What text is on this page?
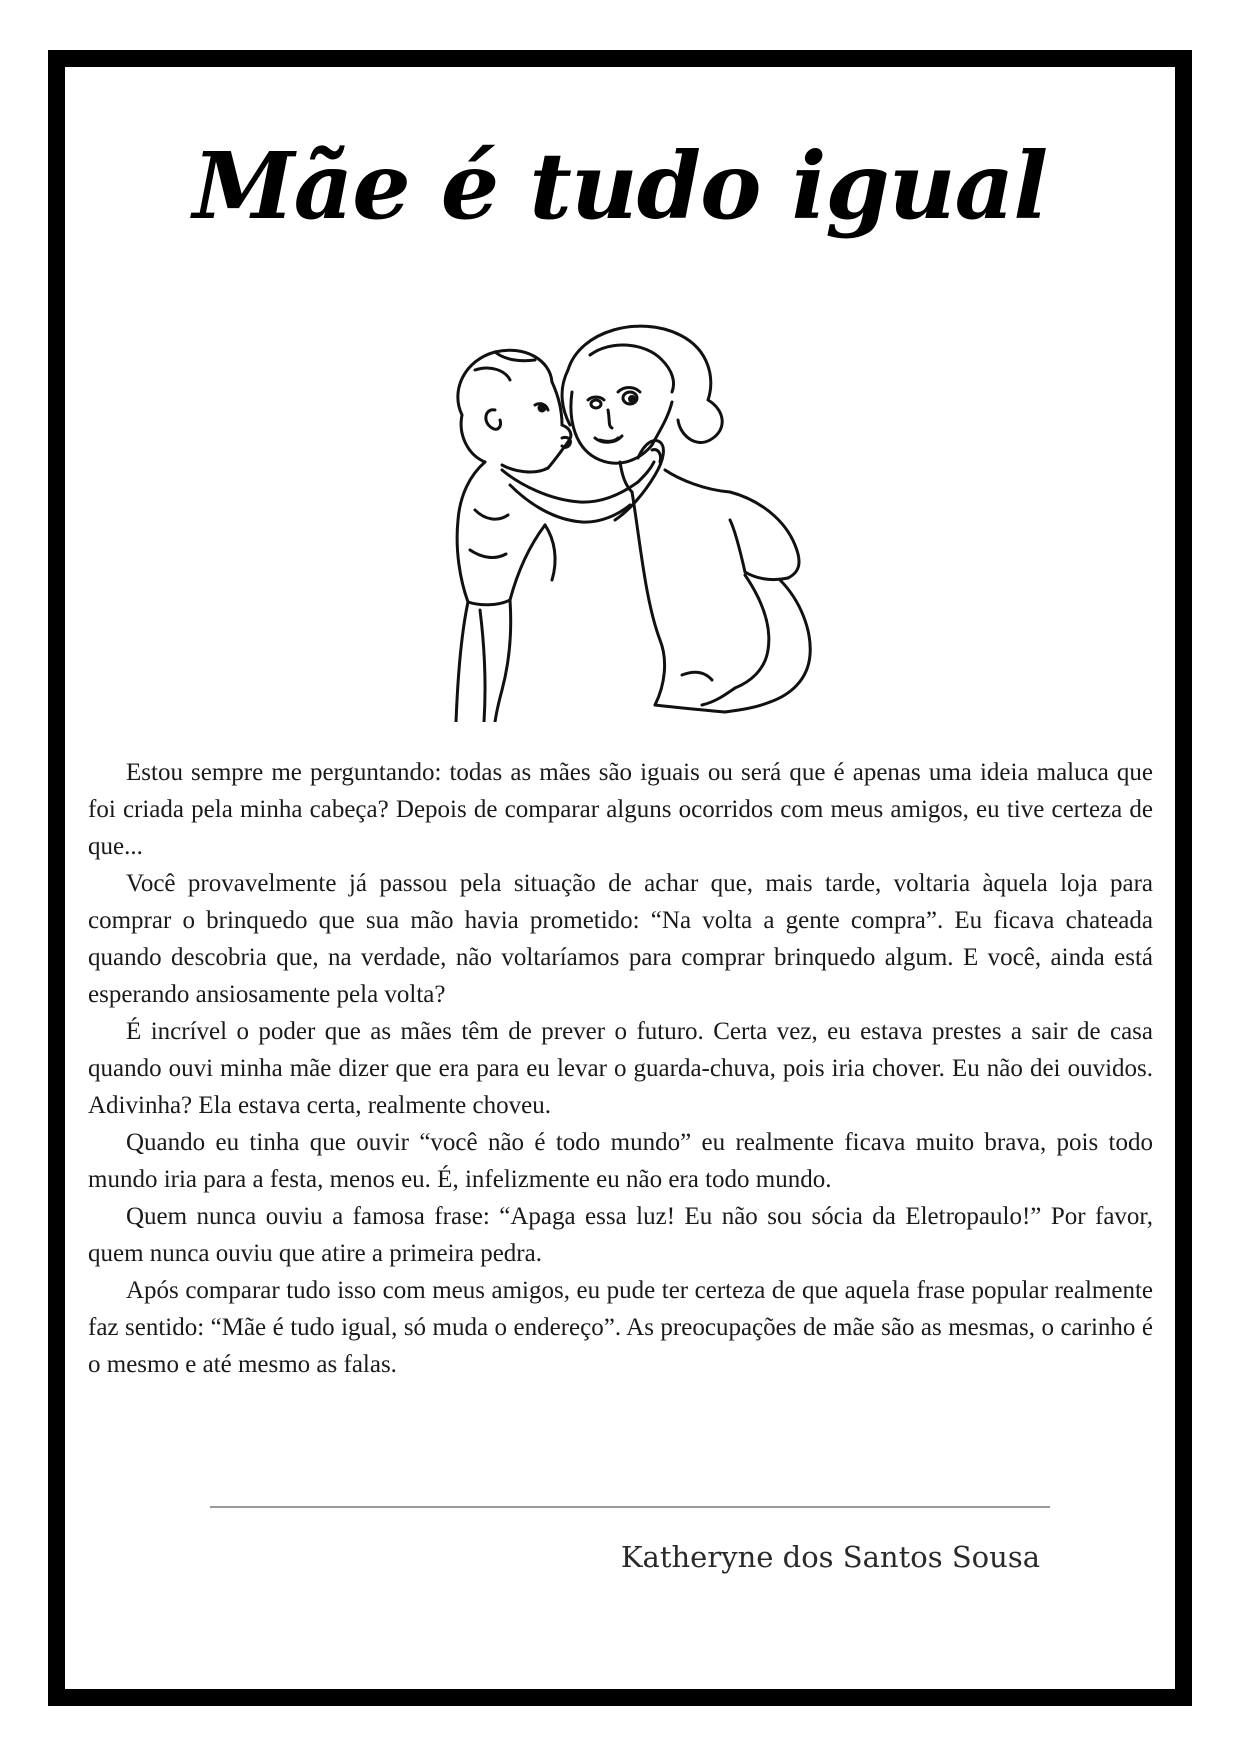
Mãe é tudo igual

Estou sempre me perguntando: todas as mães são iguais ou será que é apenas uma ideia maluca que foi criada pela minha cabeça? Depois de comparar alguns ocorridos com meus amigos, eu tive certeza de que...

Você provavelmente já passou pela situação de achar que, mais tarde, voltaria àquela loja para comprar o brinquedo que sua mão havia prometido: “Na volta a gente compra”. Eu ficava chateada quando descobria que, na verdade, não voltaríamos para comprar brinquedo algum. E você, ainda está esperando ansiosamente pela volta?

É incrível o poder que as mães têm de prever o futuro. Certa vez, eu estava prestes a sair de casa quando ouvi minha mãe dizer que era para eu levar o guarda-chuva, pois iria chover. Eu não dei ouvidos. Adivinha? Ela estava certa, realmente choveu.

Quando eu tinha que ouvir “você não é todo mundo” eu realmente ficava muito brava, pois todo mundo iria para a festa, menos eu. É, infelizmente eu não era todo mundo.

Quem nunca ouviu a famosa frase: “Apaga essa luz! Eu não sou sócia da Eletropaulo!” Por favor, quem nunca ouviu que atire a primeira pedra.

Após comparar tudo isso com meus amigos, eu pude ter certeza de que aquela frase popular realmente faz sentido: “Mãe é tudo igual, só muda o endereço”. As preocupações de mãe são as mesmas, o carinho é o mesmo e até mesmo as falas.

Katheryne dos Santos Sousa
